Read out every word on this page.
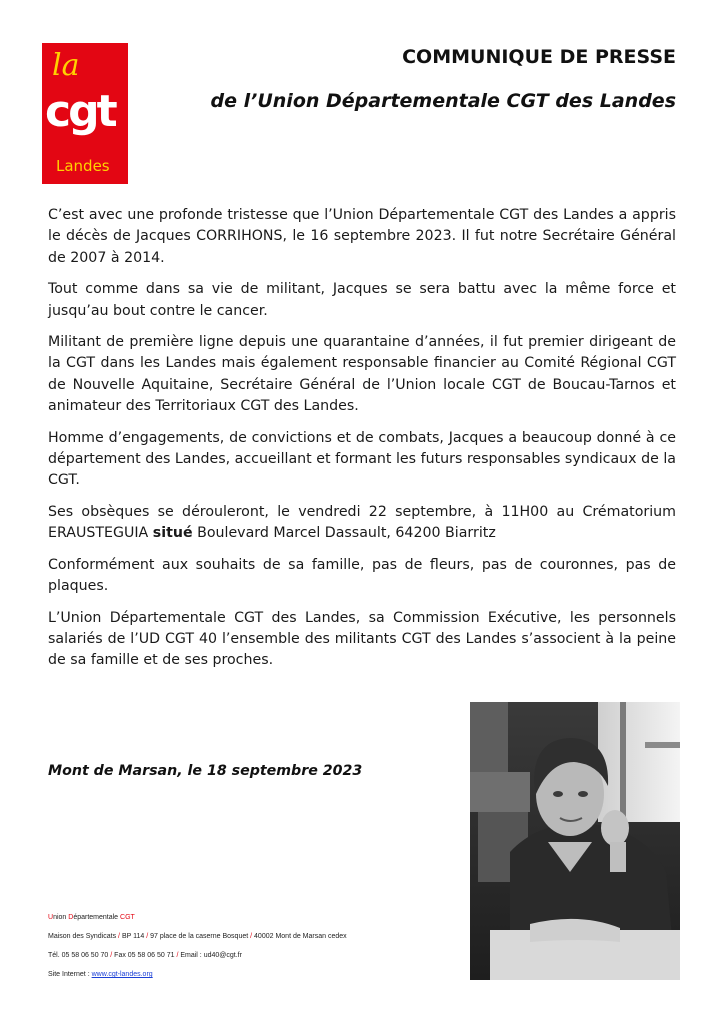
la
cgt
Landes
COMMUNIQUE DE PRESSE
de l’Union Départementale CGT des Landes

C’est avec une profonde tristesse que l’Union Départementale CGT des Landes a appris le décès de Jacques CORRIHONS, le 16 septembre 2023. Il fut notre Secrétaire Général de 2007 à 2014.

Tout comme dans sa vie de militant, Jacques se sera battu avec la même force et jusqu’au bout contre le cancer.

Militant de première ligne depuis une quarantaine d’années, il fut premier dirigeant de la CGT dans les Landes mais également responsable financier au Comité Régional CGT de Nouvelle Aquitaine, Secrétaire Général de l’Union locale CGT de Boucau-Tarnos et animateur des Territoriaux CGT des Landes.

Homme d’engagements, de convictions et de combats, Jacques a beaucoup donné à ce département des Landes, accueillant et formant les futurs responsables syndicaux de la CGT.

Ses obsèques se dérouleront, le vendredi 22 septembre, à 11H00 au Crématorium ERAUSTEGUIA situé Boulevard Marcel Dassault, 64200 Biarritz

Conformément aux souhaits de sa famille, pas de fleurs, pas de couronnes, pas de plaques.

L’Union Départementale CGT des Landes, sa Commission Exécutive, les personnels salariés de l’UD CGT 40 l’ensemble des militants CGT des Landes s’associent à la peine de sa famille et de ses proches.

Mont de Marsan, le 18 septembre 2023

Union Départementale CGT
Maison des Syndicats / BP 114 / 97 place de la caserne Bosquet / 40002 Mont de Marsan cedex
Tél. 05 58 06 50 70 / Fax 05 58 06 50 71 / Email : ud40@cgt.fr
Site Internet : www.cgt-landes.org
